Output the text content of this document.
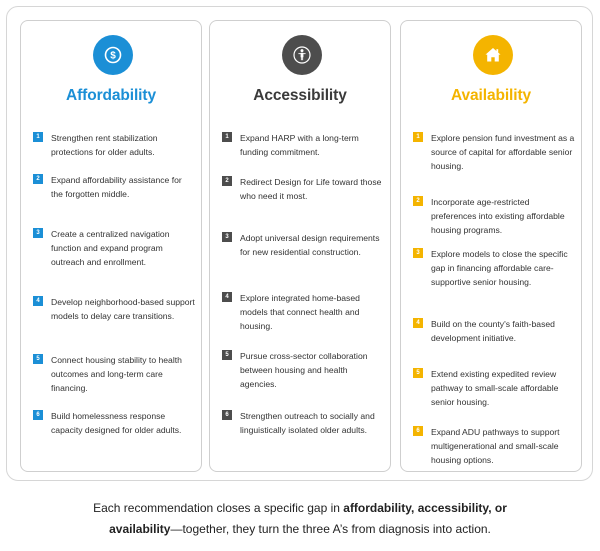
$
Affordability
1	Strengthen rent stabilization protections for older adults.
2	Expand affordability assistance for the forgotten middle.
3	Create a centralized navigation function and expand program outreach and enrollment.
4	Develop neighborhood-based support models to delay care transitions.
5	Connect housing stability to health outcomes and long-term care financing.
6	Build homelessness response capacity designed for older adults.
Accessibility
1	Expand HARP with a long-term funding commitment.
2	Redirect Design for Life toward those who need it most.
3	Adopt universal design requirements for new residential construction.
4	Explore integrated home-based models that connect health and housing.
5	Pursue cross-sector collaboration between housing and health agencies.
6	Strengthen outreach to socially and linguistically isolated older adults.
Availability
1	Explore pension fund investment as a source of capital for affordable senior housing.
2	Incorporate age-restricted preferences into existing affordable housing programs.
3	Explore models to close the specific gap in financing affordable care-supportive senior housing.
4	Build on the county's faith-based development initiative.
5	Extend existing expedited review pathway to small-scale affordable senior housing.
6	Expand ADU pathways to support multigenerational and small-scale housing options.
Each recommendation closes a specific gap in affordability, accessibility, or
availability—together, they turn the three A’s from diagnosis into action.
